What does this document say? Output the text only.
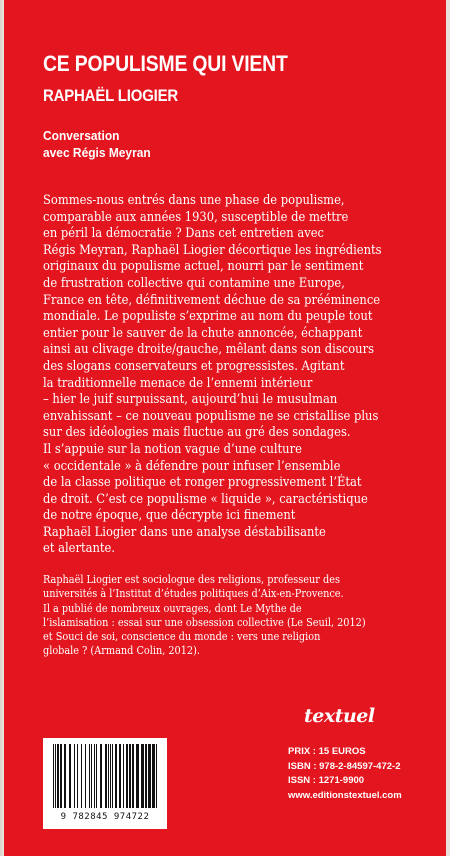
CE POPULISME QUI VIENT
RAPHAËL LIOGIER
Conversation
avec Régis Meyran
Sommes-nous entrés dans une phase de populisme,
comparable aux années 1930, susceptible de mettre
en péril la démocratie ? Dans cet entretien avec
Régis Meyran, Raphaël Liogier décortique les ingrédients
originaux du populisme actuel, nourri par le sentiment
de frustration collective qui contamine une Europe,
France en tête, définitivement déchue de sa prééminence
mondiale. Le populiste s’exprime au nom du peuple tout
entier pour le sauver de la chute annoncée, échappant
ainsi au clivage droite/gauche, mêlant dans son discours
des slogans conservateurs et progressistes. Agitant
la traditionnelle menace de l’ennemi intérieur
– hier le juif surpuissant, aujourd’hui le musulman
envahissant – ce nouveau populisme ne se cristallise plus
sur des idéologies mais fluctue au gré des sondages.
Il s’appuie sur la notion vague d’une culture
« occidentale » à défendre pour infuser l’ensemble
de la classe politique et ronger progressivement l’État
de droit. C’est ce populisme « liquide », caractéristique
de notre époque, que décrypte ici finement
Raphaël Liogier dans une analyse déstabilisante
et alertante.
Raphaël Liogier est sociologue des religions, professeur des
universités à l’Institut d’études politiques d’Aix-en-Provence.
Il a publié de nombreux ouvrages, dont Le Mythe de
l’islamisation : essai sur une obsession collective (Le Seuil, 2012)
et Souci de soi, conscience du monde : vers une religion
globale ? (Armand Colin, 2012).
9 782845 974722
textuel
PRIX : 15 EUROS
ISBN : 978-2-84597-472-2
ISSN : 1271-9900
www.editionstextuel.com
